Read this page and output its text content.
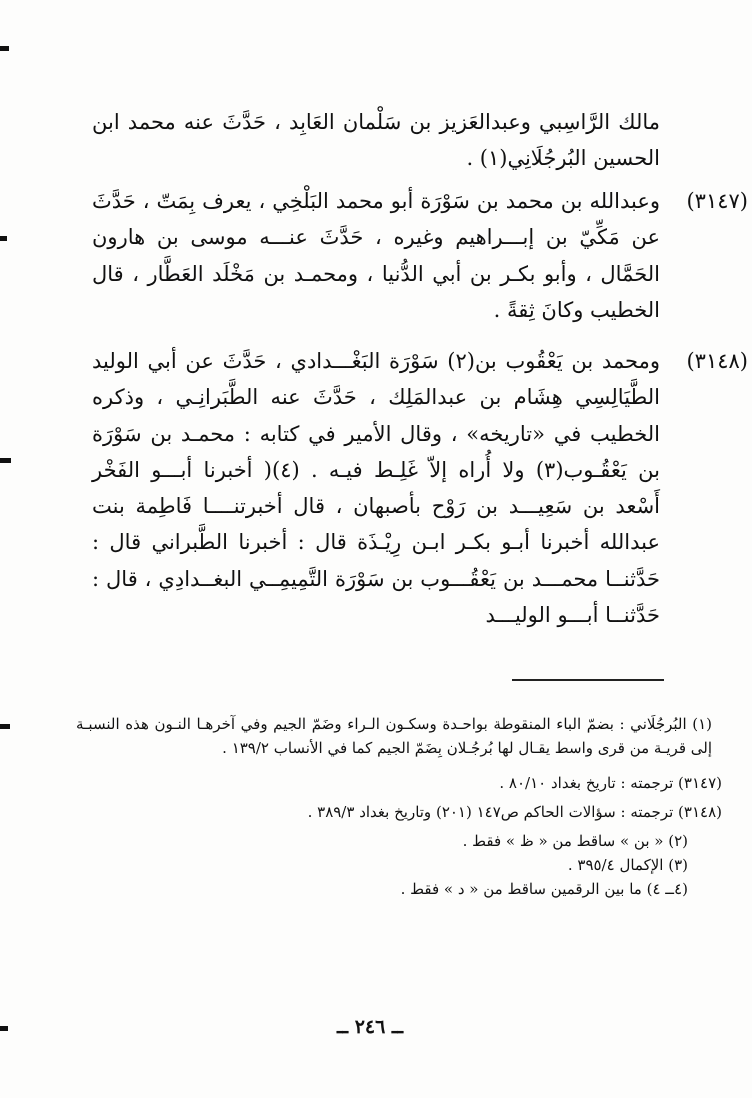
مالك الرَّاسِبي وعبدالعَزيز بن سَلْمان العَابِد ، حَدَّثَ عنه محمد ابن الحسين البُرجُلَانِي(١) .
وعبدالله بن محمد بن سَوْرَة أبو محمد البَلْخِي ، يعرف بِمَتّ ، حَدَّثَ عن مَكِّيّ بن إبـــراهيم وغيره ، حَدَّثَ عنـــه موسى بن هارون الحَمَّال ، وأبو بكـر بن أبي الدُّنيا ، ومحمـد بن مَخْلَد العَطَّار ، قال الخطيب وكانَ ثِقةً .
ومحمد بن يَعْقُوب بن(٢) سَوْرَة البَغْـــدادي ، حَدَّثَ عن أبي الوليد الطَّيَالِسِي هِشَام بن عبدالمَلِك ، حَدَّثَ عنه الطَّبَرانِـي ، وذكره الخطيب في «تاريخه» ، وقال الأمير في كتابه : محمـد بن سَوْرَة بن يَعْقُـوب(٣) ولا أُراه إلاّ غَلِـط فيـه . (٤)( أخبرنا أبـــو الفَخْر أَسْعد بن سَعِيـــد بن رَوْح بأصبهان ، قال أخبرتنــــا فَاطِمة بنت عبدالله أخبرنا أبـو بكـر ابـن رِيْـذَة قال : أخبرنا الطَّبراني قال : حَدَّثنــا محمـــد بن يَعْقُـــوب بن سَوْرَة التَّمِيمِــي البغــدادِي ، قال : حَدَّثنــا أبـــو الوليـــد
(٣١٤٧)
(٣١٤٨)
(١) البُرجُلَاني : بضمّ الباء المنقوطة بواحـدة وسكـون الـراء وضَمّ الجيم وفي آخرهـا النـون هذه النسبـة إلى قريـة من قرى واسط يقـال لها بُرجُـلان بِضَمّ الجيم كما في الأنساب ١٣٩/٢ .
(٣١٤٧) ترجمته : تاريخ بغداد ٨٠/١٠ .
(٣١٤٨) ترجمته : سؤالات الحاكم ص١٤٧ (٢٠١) وتاريخ بغداد ٣٨٩/٣ .
(٢) « بن » ساقط من « ظ » فقط .
(٣) الإكمال ٣٩٥/٤ .
(٤ــ ٤) ما بين الرقمين ساقط من « د » فقط .
ــ ٢٤٦ ــ
